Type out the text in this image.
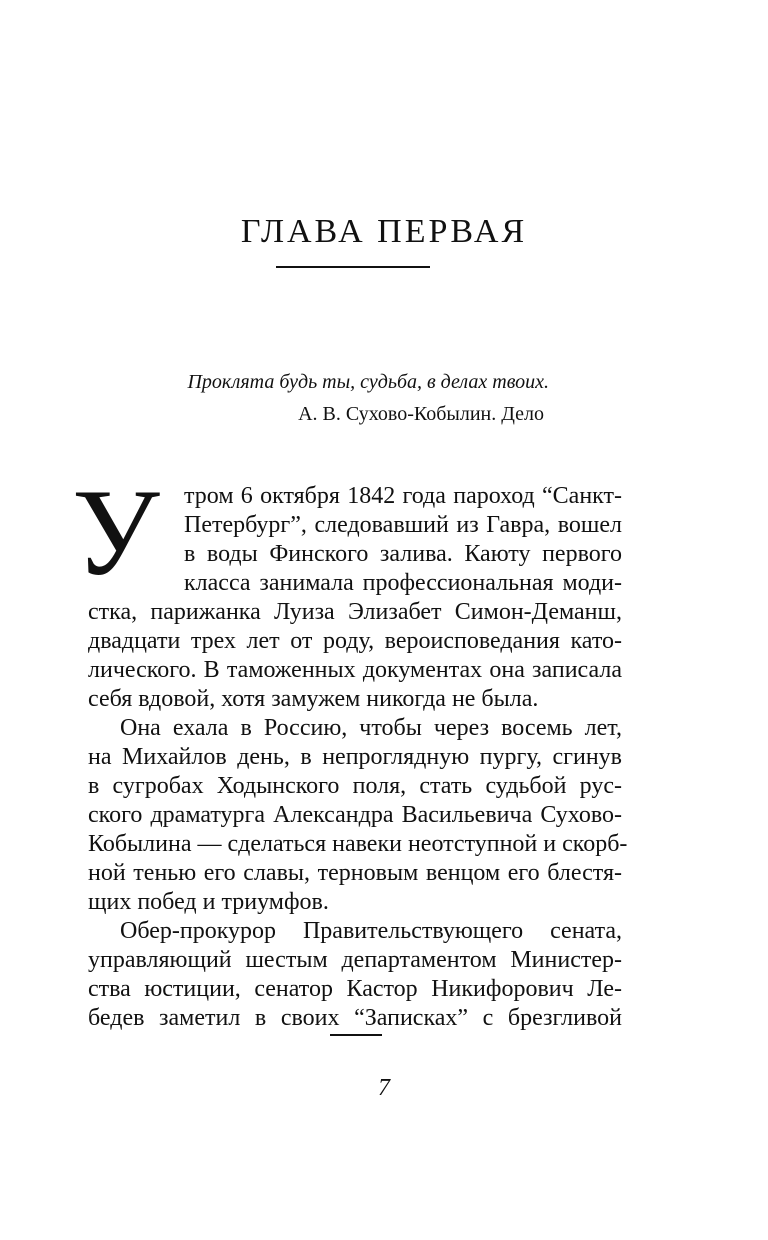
ГЛАВА ПЕРВАЯ
Проклята будь ты, судьба, в делах твоих.
А. В. Сухово-Кобылин. Дело
У тром 6 октября 1842 года пароход “Санкт-
Петербург”, следовавший из Гавра, вошел
в воды Финского залива. Каюту первого
класса занимала профессиональная моди-
стка, парижанка Луиза Элизабет Симон-Деманш,
двадцати трех лет от роду, вероисповедания като-
лического. В таможенных документах она записала
себя вдовой, хотя замужем никогда не была.
Она ехала в Россию, чтобы через восемь лет,
на Михайлов день, в непроглядную пургу, сгинув
в сугробах Ходынского поля, стать судьбой рус-
ского драматурга Александра Васильевича Сухово-
Кобылина — сделаться навеки неотступной и скорб-
ной тенью его славы, терновым венцом его блестя-
щих побед и триумфов.
Обер-прокурор Правительствующего сената,
управляющий шестым департаментом Министер-
ства юстиции, сенатор Кастор Никифорович Ле-
бедев заметил в своих “Записках” с брезгливой
7
